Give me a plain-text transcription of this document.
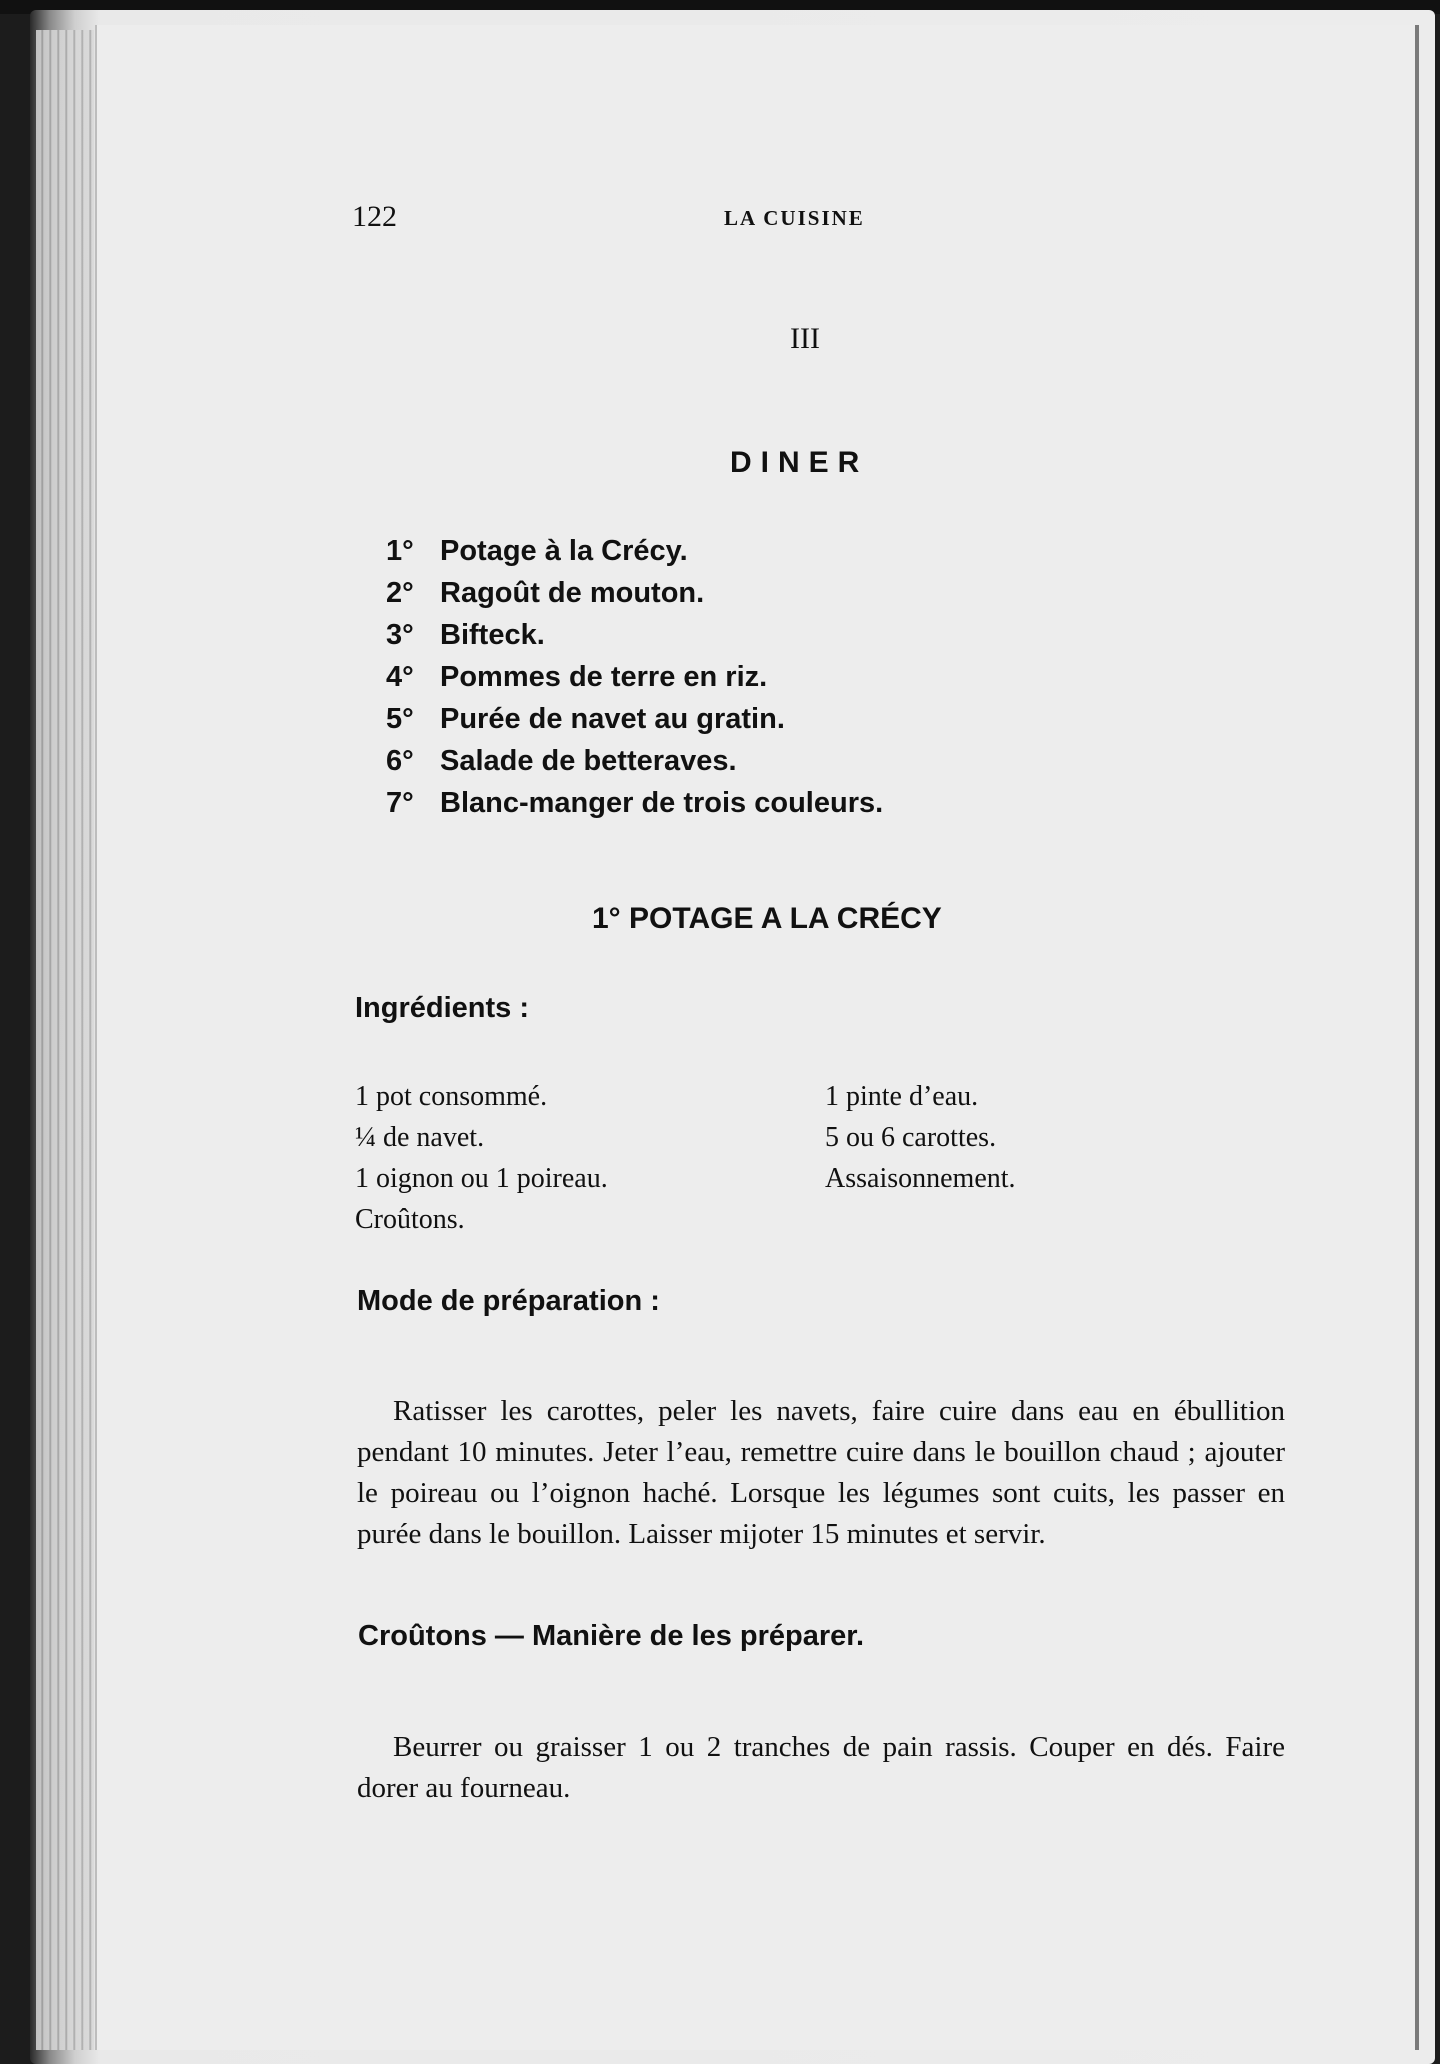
122	LA CUISINE
III
DINER
1° Potage à la Crécy.
2° Ragoût de mouton.
3° Bifteck.
4° Pommes de terre en riz.
5° Purée de navet au gratin.
6° Salade de betteraves.
7° Blanc-manger de trois couleurs.
1° POTAGE A LA CRÉCY
Ingrédients :
1 pot consommé.
¼ de navet.
1 oignon ou 1 poireau.
Croûtons.
1 pinte d’eau.
5 ou 6 carottes.
Assaisonnement.
Mode de préparation :

Ratisser les carottes, peler les navets, faire cuire dans eau en ébullition pendant 10 minutes. Jeter l’eau, remettre cuire dans le bouillon chaud ; ajouter le poireau ou l’oignon haché. Lorsque les légumes sont cuits, les passer en purée dans le bouillon. Laisser mijoter 15 minutes et servir.

Croûtons — Manière de les préparer.

Beurrer ou graisser 1 ou 2 tranches de pain rassis. Couper en dés. Faire dorer au fourneau.
